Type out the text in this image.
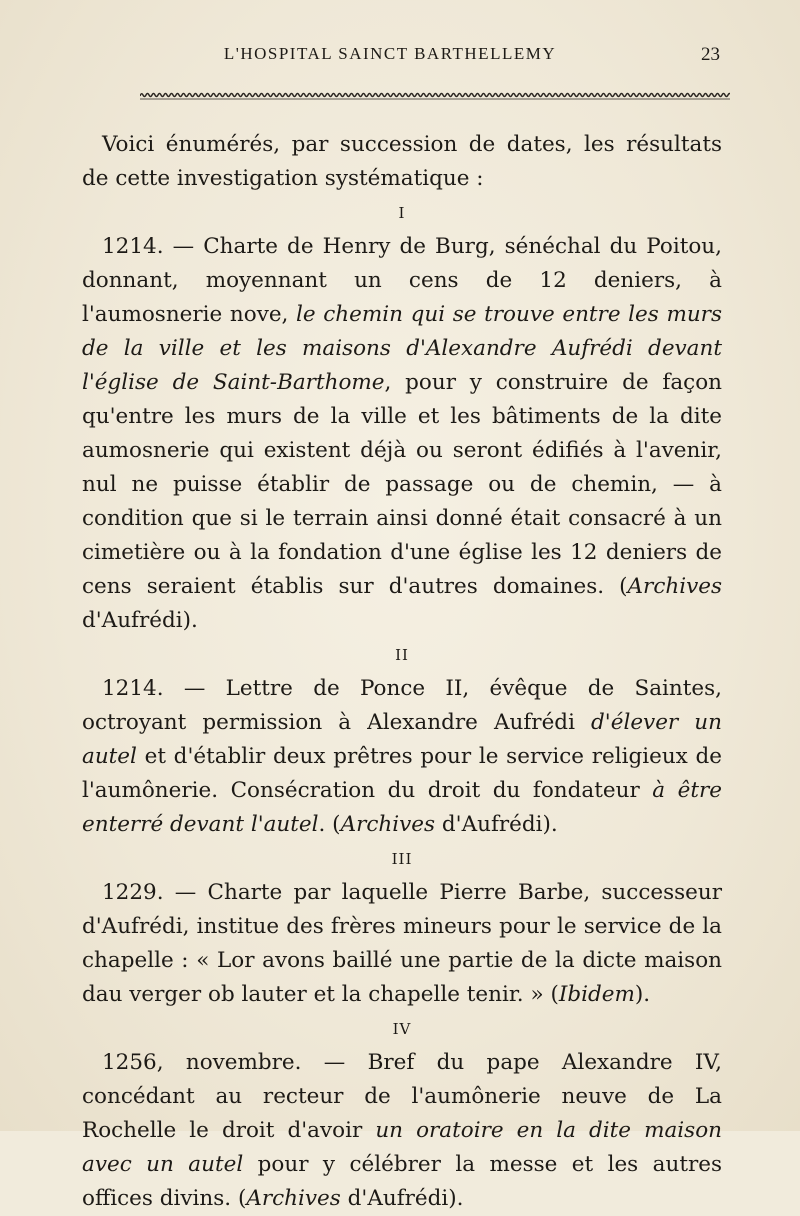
L'HOSPITAL SAINCT BARTHELLEMY	23

Voici énumérés, par succession de dates, les résultats de cette investigation systématique :

I

1214. — Charte de Henry de Burg, sénéchal du Poitou, donnant, moyennant un cens de 12 deniers, à l'aumosnerie nove, le chemin qui se trouve entre les murs de la ville et les maisons d'Alexandre Aufrédi devant l'église de Saint-Barthome, pour y construire de façon qu'entre les murs de la ville et les bâtiments de la dite aumosnerie qui existent déjà ou seront édifiés à l'avenir, nul ne puisse établir de passage ou de chemin, — à condition que si le terrain ainsi donné était consacré à un cimetière ou à la fondation d'une église les 12 deniers de cens seraient établis sur d'autres domaines. (Archives d'Aufrédi).

II

1214. — Lettre de Ponce II, évêque de Saintes, octroyant permission à Alexandre Aufrédi d'élever un autel et d'établir deux prêtres pour le service religieux de l'aumônerie. Consécration du droit du fondateur à être enterré devant l'autel. (Archives d'Aufrédi).

III

1229. — Charte par laquelle Pierre Barbe, successeur d'Aufrédi, institue des frères mineurs pour le service de la chapelle : « Lor avons baillé une partie de la dicte maison dau verger ob lauter et la chapelle tenir. » (Ibidem).

IV

1256, novembre. — Bref du pape Alexandre IV, concédant au recteur de l'aumônerie neuve de La Rochelle le droit d'avoir un oratoire en la dite maison avec un autel pour y célébrer la messe et les autres offices divins. (Archives d'Aufrédi).
